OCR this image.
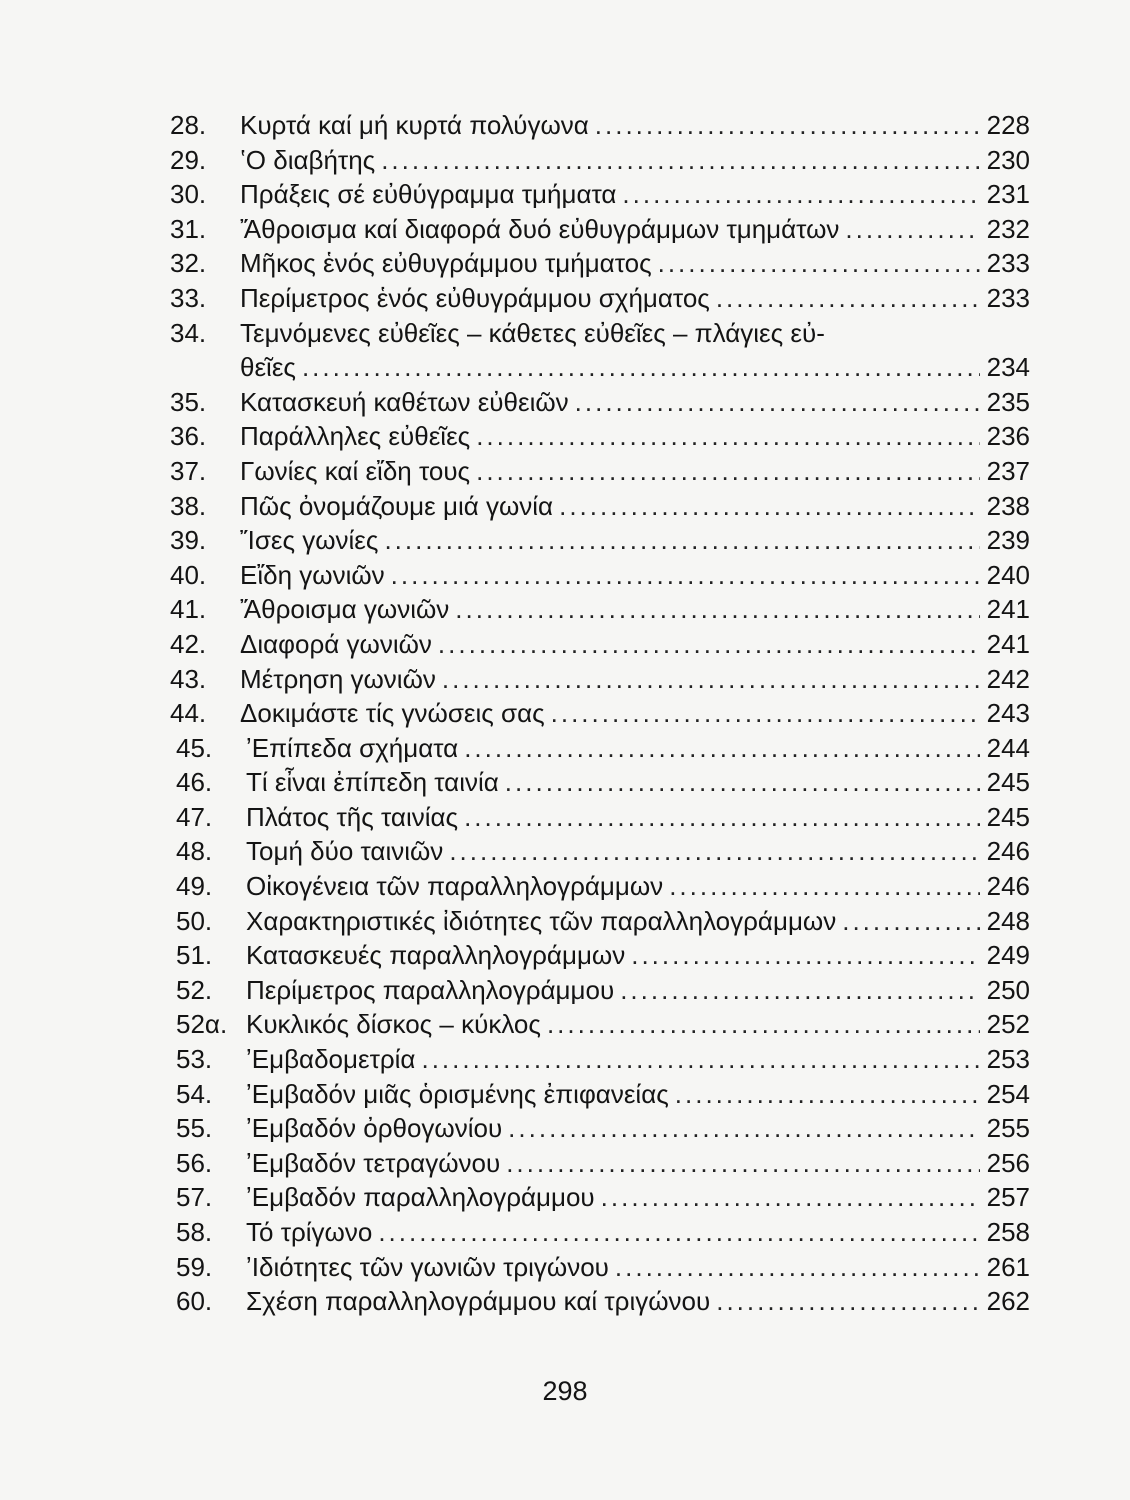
28.	Κυρτά καί μή κυρτά πολύγωνα .....	228
29.	ʽΟ διαβήτης .....	230
30.	Πράξεις σέ εὐθύγραμμα τμήματα .....	231
31.	Ἄθροισμα καί διαφορά δυό εὐθυγράμμων τμημάτων .....	232
32.	Μῆκος ἑνός εὐθυγράμμου τμήματος .....	233
33.	Περίμετρος ἑνός εὐθυγράμμου σχήματος .....	233
34.	Τεμνόμενες εὐθεῖες – κάθετες εὐθεῖες – πλάγιες εὐ-
θεῖες .....	234
35.	Κατασκευή καθέτων εὐθειῶν .....	235
36.	Παράλληλες εὐθεῖες .....	236
37.	Γωνίες καί εἴδη τους .....	237
38.	Πῶς ὀνομάζουμε μιά γωνία .....	238
39.	Ἴσες γωνίες .....	239
40.	Εἴδη γωνιῶν .....	240
41.	Ἄθροισμα γωνιῶν .....	241
42.	Διαφορά γωνιῶν .....	241
43.	Μέτρηση γωνιῶν .....	242
44.	Δοκιμάστε τίς γνώσεις σας .....	243
45.	ʼΕπίπεδα σχήματα .....	244
46.	Τί εἶναι ἐπίπεδη ταινία .....	245
47.	Πλάτος τῆς ταινίας .....	245
48.	Τομή δύο ταινιῶν .....	246
49.	Οἰκογένεια τῶν παραλληλογράμμων .....	246
50.	Χαρακτηριστικές ἰδιότητες τῶν παραλληλογράμμων .....	248
51.	Κατασκευές παραλληλογράμμων .....	249
52.	Περίμετρος παραλληλογράμμου .....	250
52α. Κυκλικός δίσκος – κύκλος .....	252
53.	ʼΕμβαδομετρία .....	253
54.	ʼΕμβαδόν μιᾶς ὁρισμένης ἐπιφανείας .....	254
55.	ʼΕμβαδόν ὀρθογωνίου .....	255
56.	ʼΕμβαδόν τετραγώνου .....	256
57.	ʼΕμβαδόν παραλληλογράμμου .....	257
58.	Τό τρίγωνο .....	258
59.	ʼΙδιότητες τῶν γωνιῶν τριγώνου .....	261
60.	Σχέση παραλληλογράμμου καί τριγώνου .....	262
298
